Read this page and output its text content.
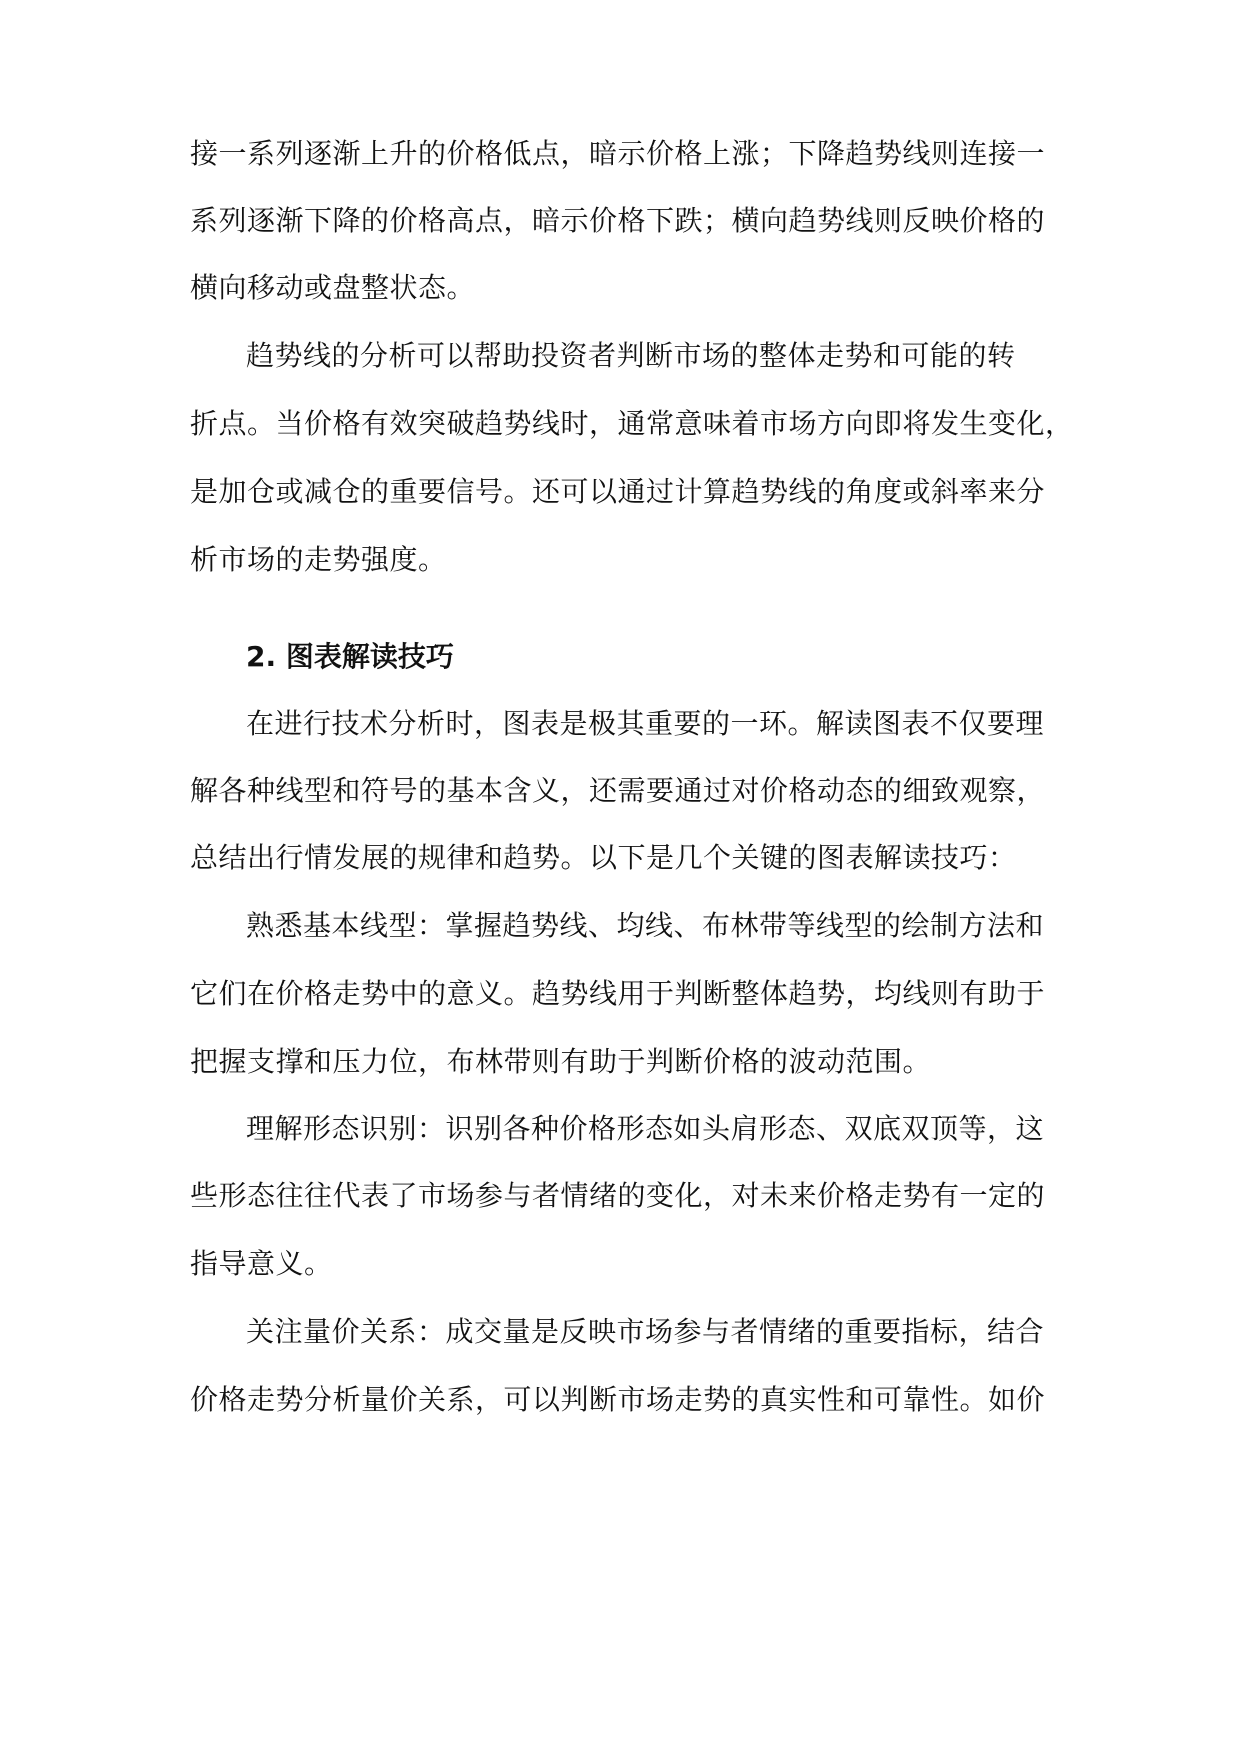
接一系列逐渐上升的价格低点，暗示价格上涨；下降趋势线则连接一
系列逐渐下降的价格高点，暗示价格下跌；横向趋势线则反映价格的
横向移动或盘整状态。
趋势线的分析可以帮助投资者判断市场的整体走势和可能的转
折点。当价格有效突破趋势线时，通常意味着市场方向即将发生变化，
是加仓或减仓的重要信号。还可以通过计算趋势线的角度或斜率来分
析市场的走势强度。
2. 图表解读技巧
在进行技术分析时，图表是极其重要的一环。解读图表不仅要理
解各种线型和符号的基本含义，还需要通过对价格动态的细致观察，
总结出行情发展的规律和趋势。以下是几个关键的图表解读技巧：
熟悉基本线型：掌握趋势线、均线、布林带等线型的绘制方法和
它们在价格走势中的意义。趋势线用于判断整体趋势，均线则有助于
把握支撑和压力位，布林带则有助于判断价格的波动范围。
理解形态识别：识别各种价格形态如头肩形态、双底双顶等，这
些形态往往代表了市场参与者情绪的变化，对未来价格走势有一定的
指导意义。
关注量价关系：成交量是反映市场参与者情绪的重要指标，结合
价格走势分析量价关系，可以判断市场走势的真实性和可靠性。如价
